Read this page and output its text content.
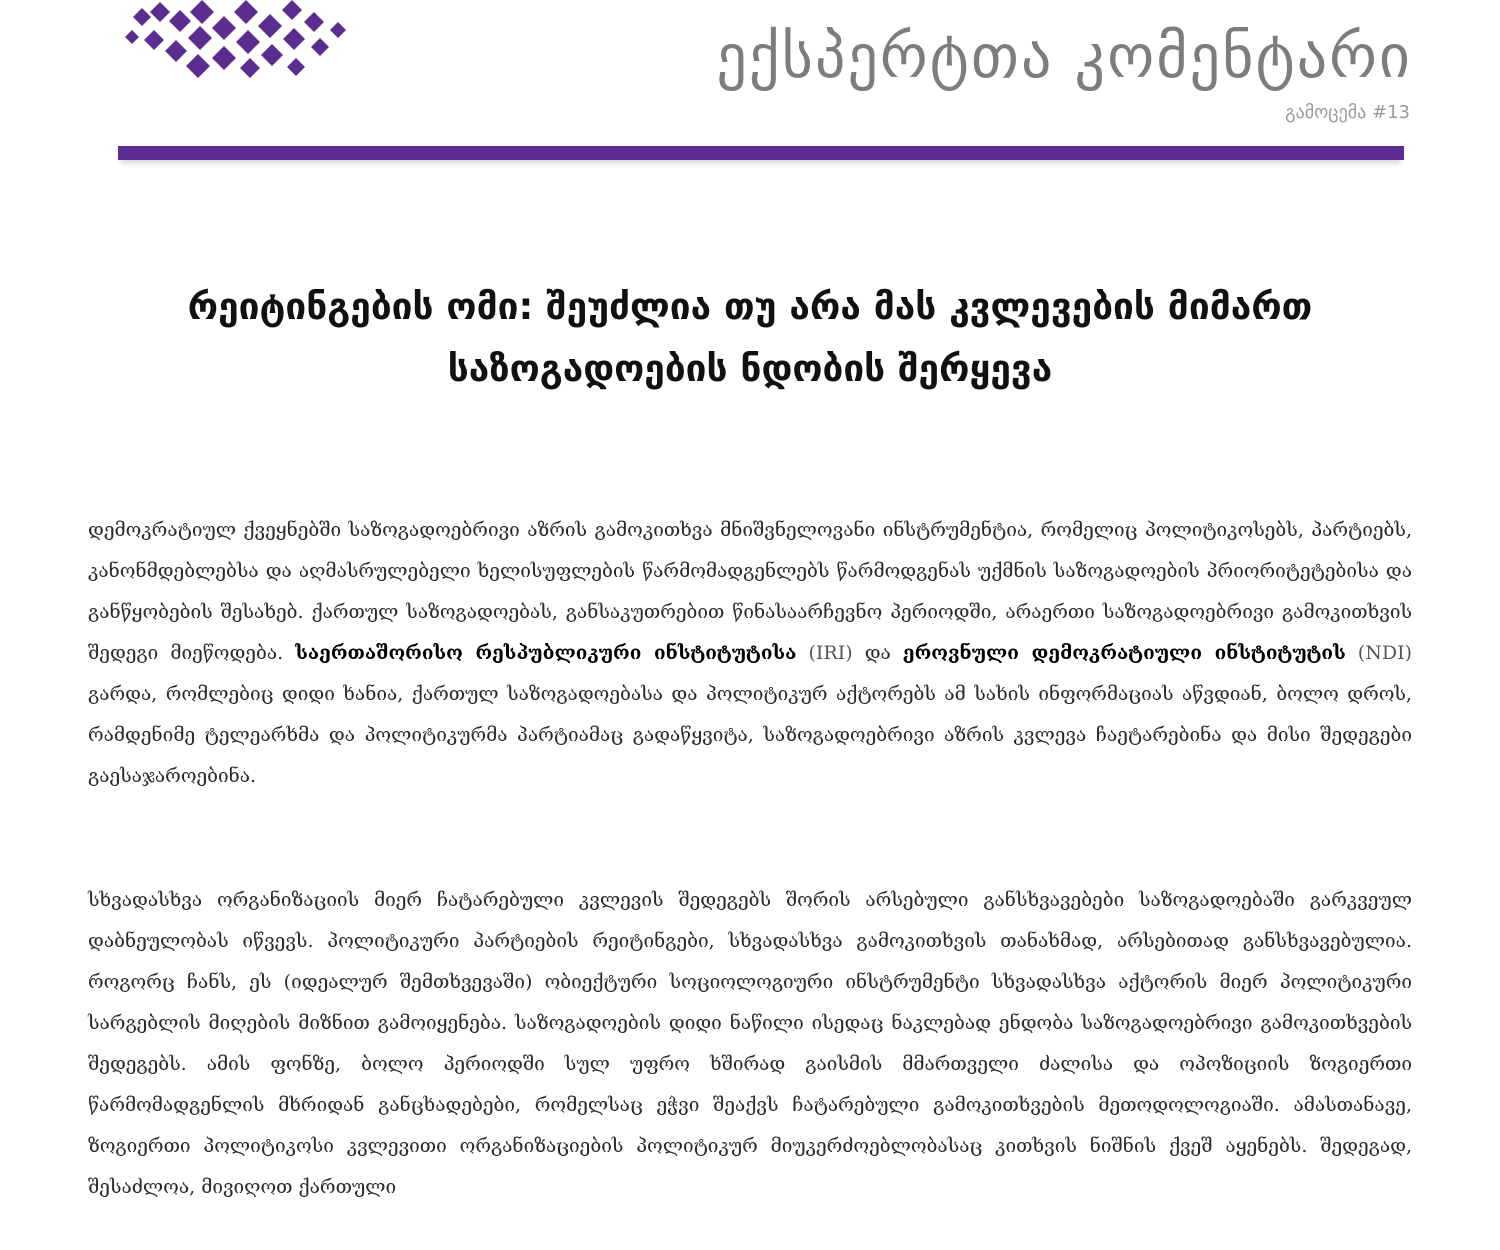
ექსპერტთა კომენტარი
გამოცემა #13
რეიტინგების ომი: შეუძლია თუ არა მას კვლევების მიმართ საზოგადოების ნდობის შერყევა

დემოკრატიულ ქვეყნებში საზოგადოებრივი აზრის გამოკითხვა მნიშვნელოვანი ინსტრუმენტია, რომელიც პოლიტიკოსებს, პარტიებს, კანონმდებლებსა და აღმასრულებელი ხელისუფლების წარმომადგენლებს წარმოდგენას უქმნის საზოგადოების პრიორიტეტებისა და განწყობების შესახებ. ქართულ საზოგადოებას, განსაკუთრებით წინასაარჩევნო პერიოდში, არაერთი საზოგადოებრივი გამოკითხვის შედეგი მიეწოდება. საერთაშორისო რესპუბლიკური ინსტიტუტისა (IRI) და ეროვნული დემოკრატიული ინსტიტუტის (NDI) გარდა, რომლებიც დიდი ხანია, ქართულ საზოგადოებასა და პოლიტიკურ აქტორებს ამ სახის ინფორმაციას აწვდიან, ბოლო დროს, რამდენიმე ტელეარხმა და პოლიტიკურმა პარტიამაც გადაწყვიტა, საზოგადოებრივი აზრის კვლევა ჩაეტარებინა და მისი შედეგები გაესაჯაროებინა.

სხვადასხვა ორგანიზაციის მიერ ჩატარებული კვლევის შედეგებს შორის არსებული განსხვავებები საზოგადოებაში გარკვეულ დაბნეულობას იწვევს. პოლიტიკური პარტიების რეიტინგები, სხვადასხვა გამოკითხვის თანახმად, არსებითად განსხვავებულია. როგორც ჩანს, ეს (იდეალურ შემთხვევაში) ობიექტური სოციოლოგიური ინსტრუმენტი სხვადასხვა აქტორის მიერ პოლიტიკური სარგებლის მიღების მიზნით გამოიყენება. საზოგადოების დიდი ნაწილი ისედაც ნაკლებად ენდობა საზოგადოებრივი გამოკითხვების შედეგებს. ამის ფონზე, ბოლო პერიოდში სულ უფრო ხშირად გაისმის მმართველი ძალისა და ოპოზიციის ზოგიერთი წარმომადგენლის მხრიდან განცხადებები, რომელსაც ეჭვი შეაქვს ჩატარებული გამოკითხვების მეთოდოლოგიაში. ამასთანავე, ზოგიერთი პოლიტიკოსი კვლევითი ორგანიზაციების პოლიტიკურ მიუკერძოებლობასაც კითხვის ნიშნის ქვეშ აყენებს. შედეგად, შესაძლოა, მივიღოთ ქართული
